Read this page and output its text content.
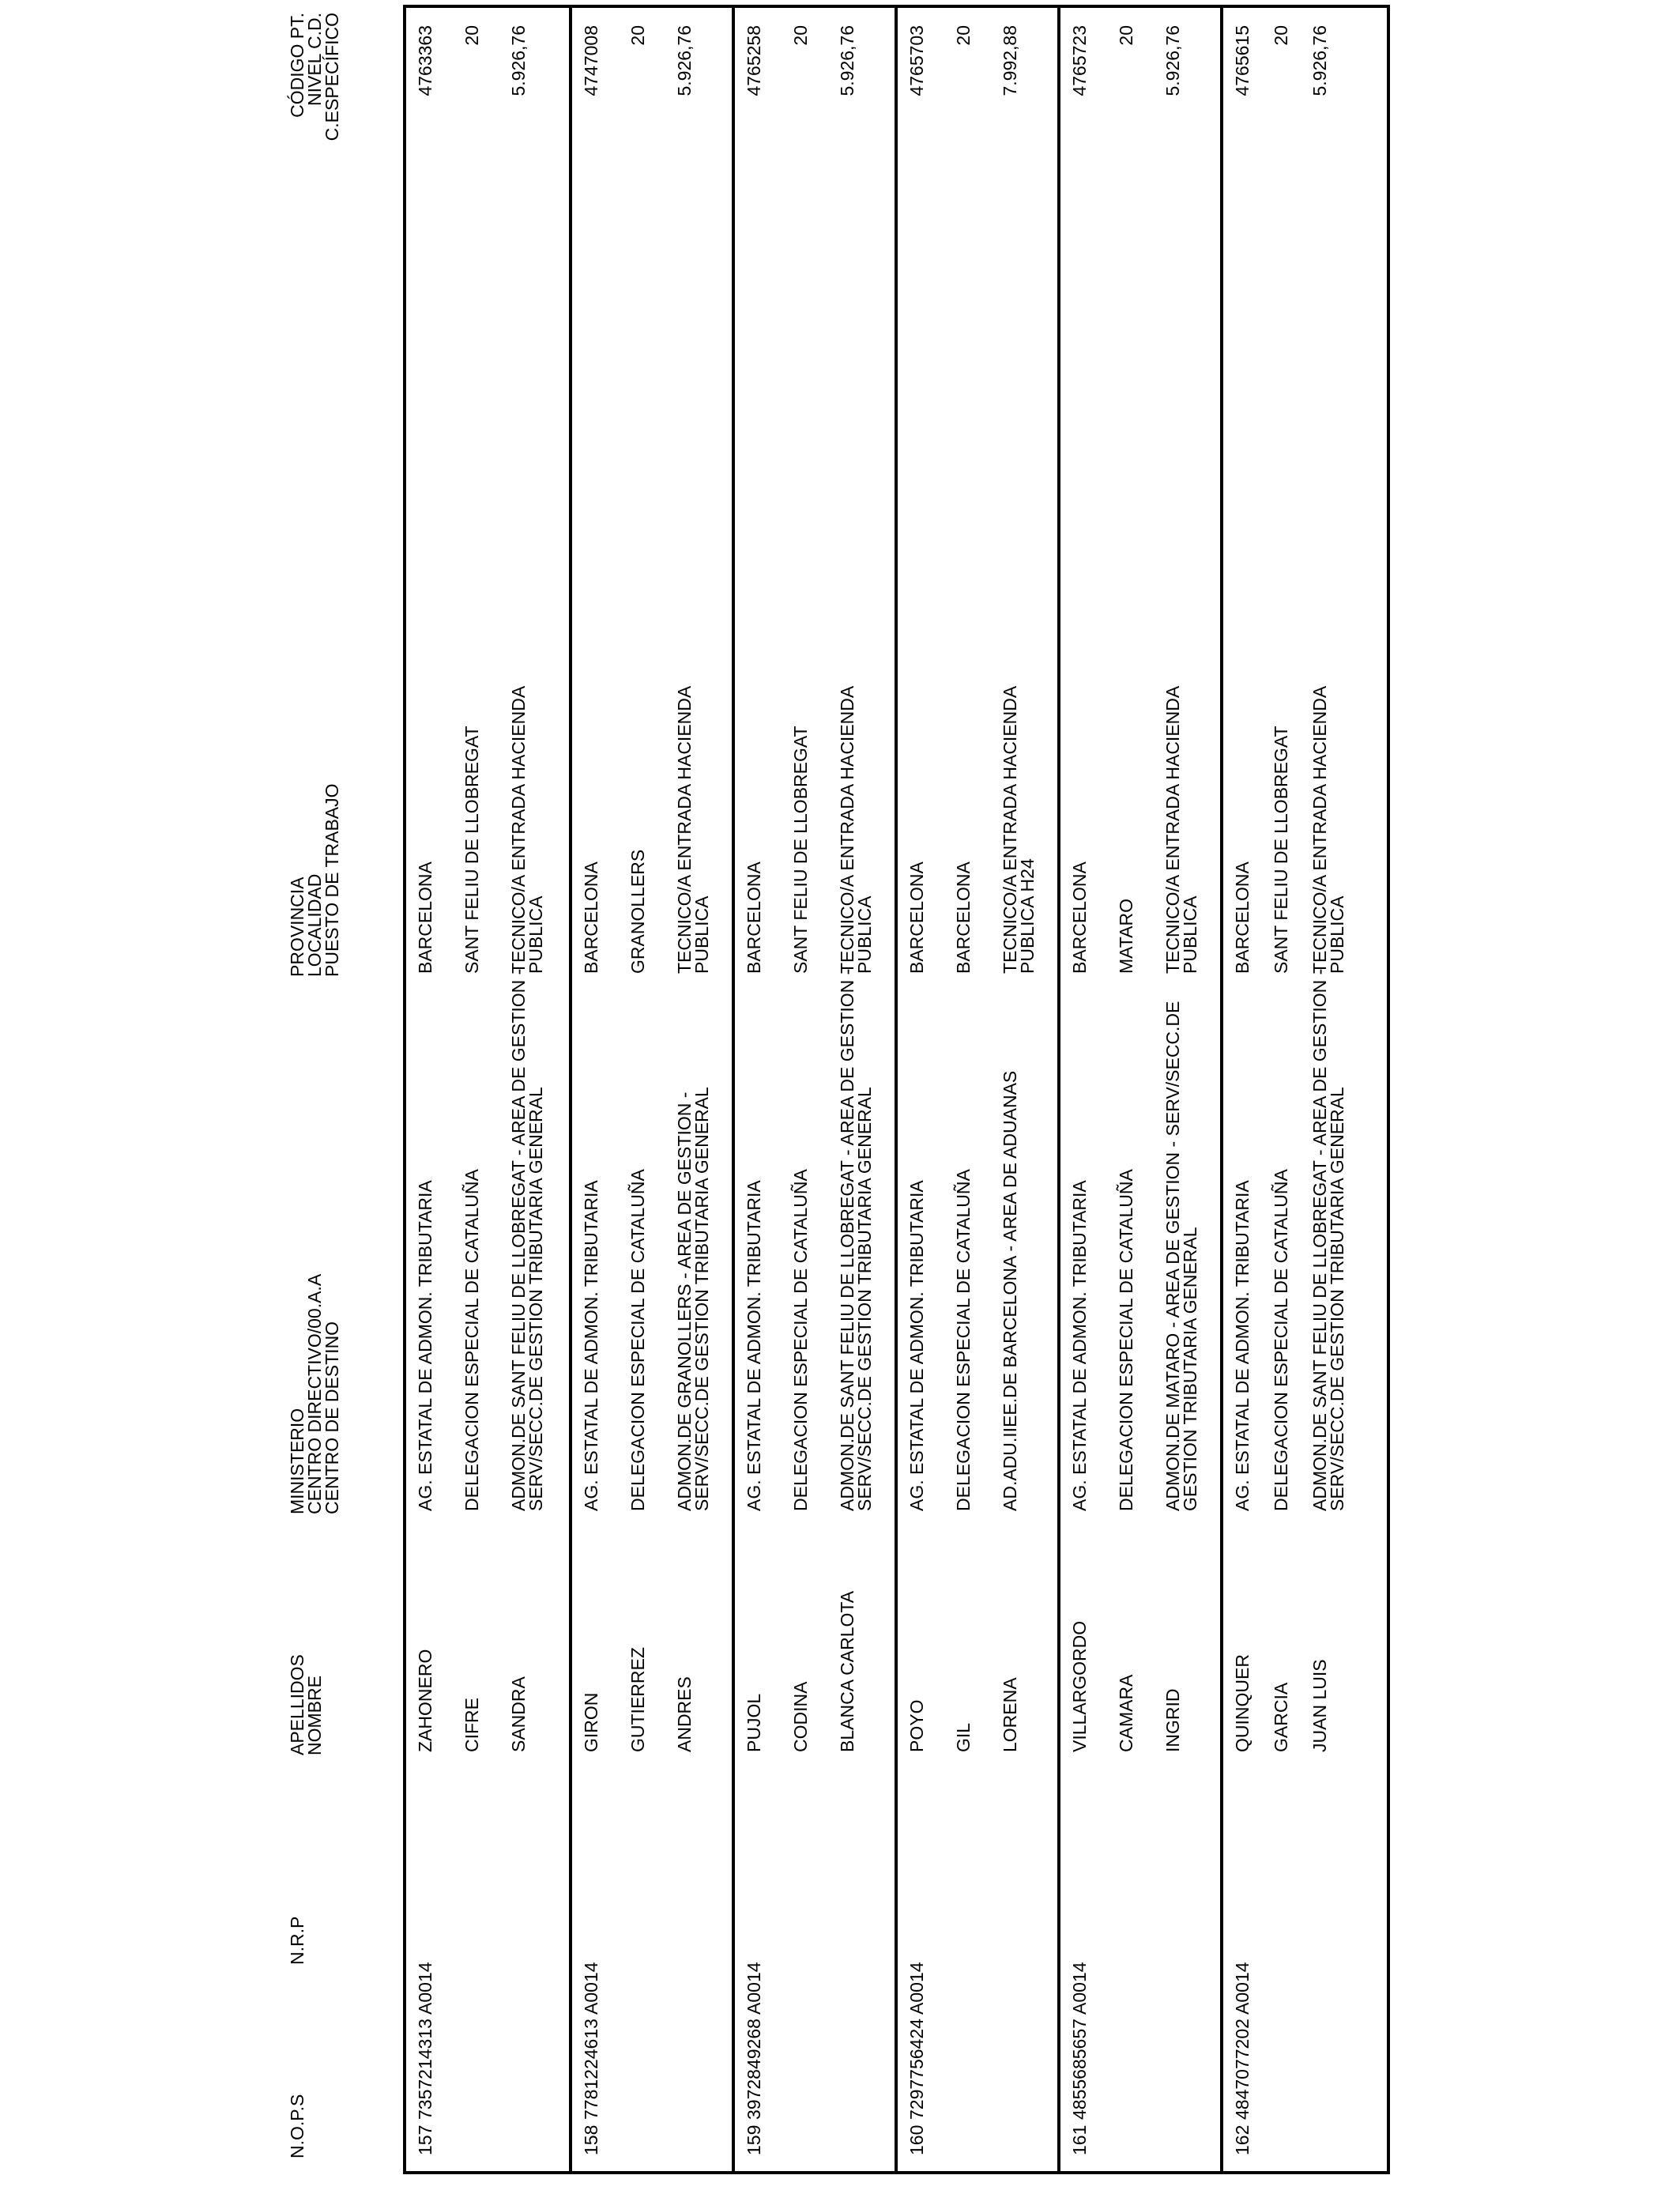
N.O.P.S
N.R.P
APELLIDOS
NOMBRE
MINISTERIO
CENTRO DIRECTIVO/00.A.A
CENTRO DE DESTINO
PROVINCIA
LOCALIDAD
PUESTO DE TRABAJO
CÓDIGO PT.
NIVEL C.D.
C.ESPECÍFICO
157
7357214313 A0014
ZAHONERO CIFRE SANDRA
AG. ESTATAL DE ADMON. TRIBUTARIA DELEGACION ESPECIAL DE CATALUÑA ADMON.DE SANT FELIU DE LLOBREGAT - AREA DE GESTION - SERV/SECC.DE GESTION TRIBUTARIA GENERAL
BARCELONA SANT FELIU DE LLOBREGAT TECNICO/A ENTRADA HACIENDA PUBLICA
4763363 20 5.926,76
158
7781224613 A0014
GIRON GUTIERREZ ANDRES
AG. ESTATAL DE ADMON. TRIBUTARIA DELEGACION ESPECIAL DE CATALUÑA ADMON.DE GRANOLLERS - AREA DE GESTION - SERV/SECC.DE GESTION TRIBUTARIA GENERAL
BARCELONA GRANOLLERS TECNICO/A ENTRADA HACIENDA PUBLICA
4747008 20 5.926,76
159
3972849268 A0014
PUJOL CODINA BLANCA CARLOTA
AG. ESTATAL DE ADMON. TRIBUTARIA DELEGACION ESPECIAL DE CATALUÑA ADMON.DE SANT FELIU DE LLOBREGAT - AREA DE GESTION - SERV/SECC.DE GESTION TRIBUTARIA GENERAL
BARCELONA SANT FELIU DE LLOBREGAT TECNICO/A ENTRADA HACIENDA PUBLICA
4765258 20 5.926,76
160
7297756424 A0014
POYO GIL LORENA
AG. ESTATAL DE ADMON. TRIBUTARIA DELEGACION ESPECIAL DE CATALUÑA AD.ADU.IIEE.DE BARCELONA - AREA DE ADUANAS
BARCELONA BARCELONA TECNICO/A ENTRADA HACIENDA PUBLICA H24
4765703 20 7.992,88
161
4855685657 A0014
VILLARGORDO CAMARA INGRID
AG. ESTATAL DE ADMON. TRIBUTARIA DELEGACION ESPECIAL DE CATALUÑA ADMON.DE MATARO - AREA DE GESTION - SERV/SECC.DE GESTION TRIBUTARIA GENERAL
BARCELONA MATARO TECNICO/A ENTRADA HACIENDA PUBLICA
4765723 20 5.926,76
162
4847077202 A0014
QUINQUER GARCIA JUAN LUIS
AG. ESTATAL DE ADMON. TRIBUTARIA DELEGACION ESPECIAL DE CATALUÑA ADMON.DE SANT FELIU DE LLOBREGAT - AREA DE GESTION - SERV/SECC.DE GESTION TRIBUTARIA GENERAL
BARCELONA SANT FELIU DE LLOBREGAT TECNICO/A ENTRADA HACIENDA PUBLICA
4765615 20 5.926,76
